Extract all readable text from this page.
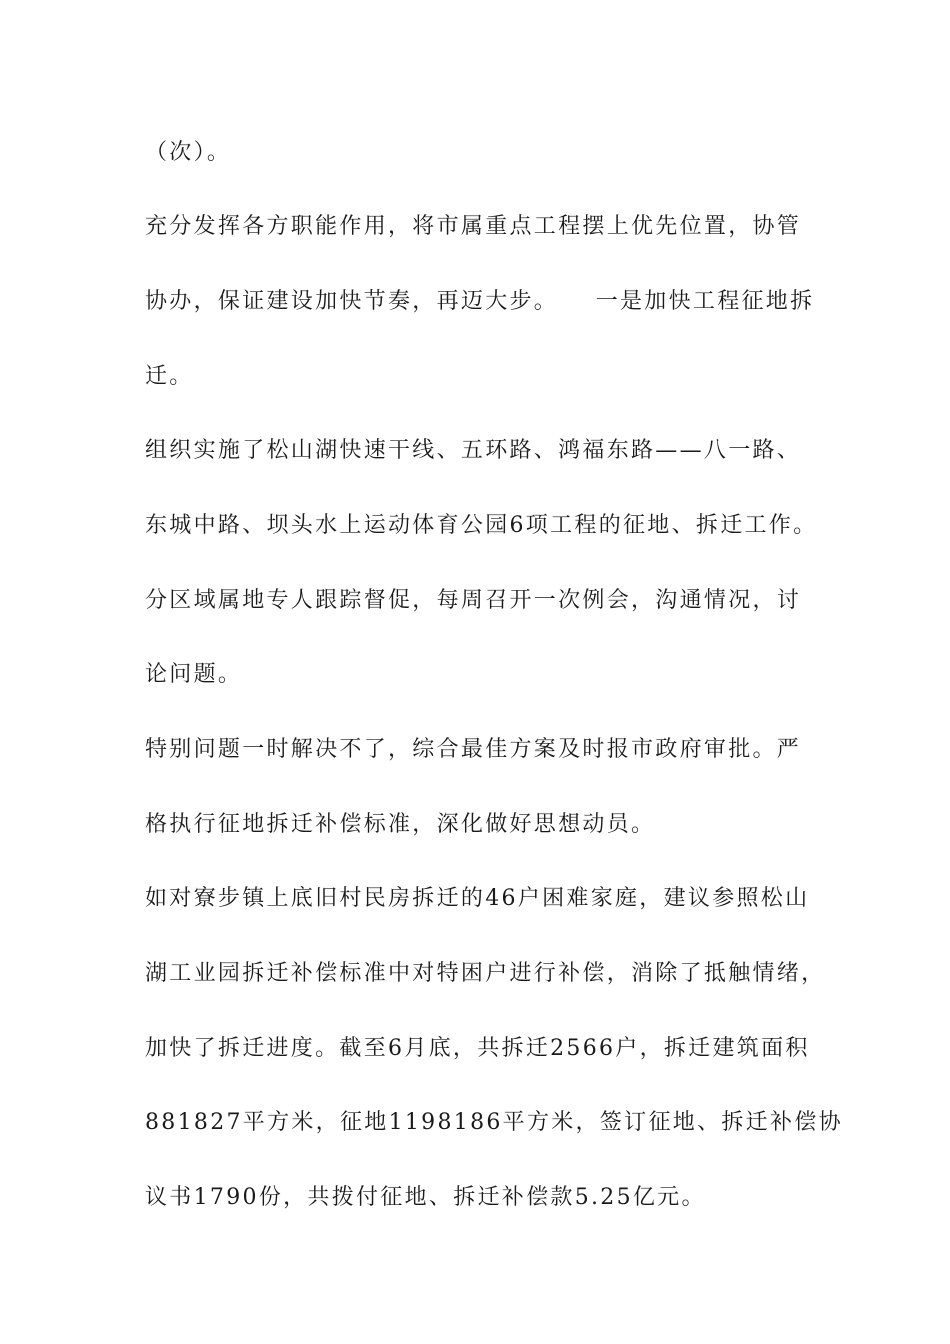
（次）。

充分发挥各方职能作用，将市属重点工程摆上优先位置，协管

协办，保证建设加快节奏，再迈大步。　　一是加快工程征地拆

迁。

组织实施了松山湖快速干线、五环路、鸿福东路——八一路、

东城中路、坝头水上运动体育公园6项工程的征地、拆迁工作。

分区域属地专人跟踪督促，每周召开一次例会，沟通情况，讨

论问题。

特别问题一时解决不了，综合最佳方案及时报市政府审批。严

格执行征地拆迁补偿标准，深化做好思想动员。

如对寮步镇上底旧村民房拆迁的46户困难家庭，建议参照松山

湖工业园拆迁补偿标准中对特困户进行补偿，消除了抵触情绪，

加快了拆迁进度。截至6月底，共拆迁2566户，拆迁建筑面积

881827平方米，征地1198186平方米，签订征地、拆迁补偿协

议书1790份，共拨付征地、拆迁补偿款5.25亿元。
